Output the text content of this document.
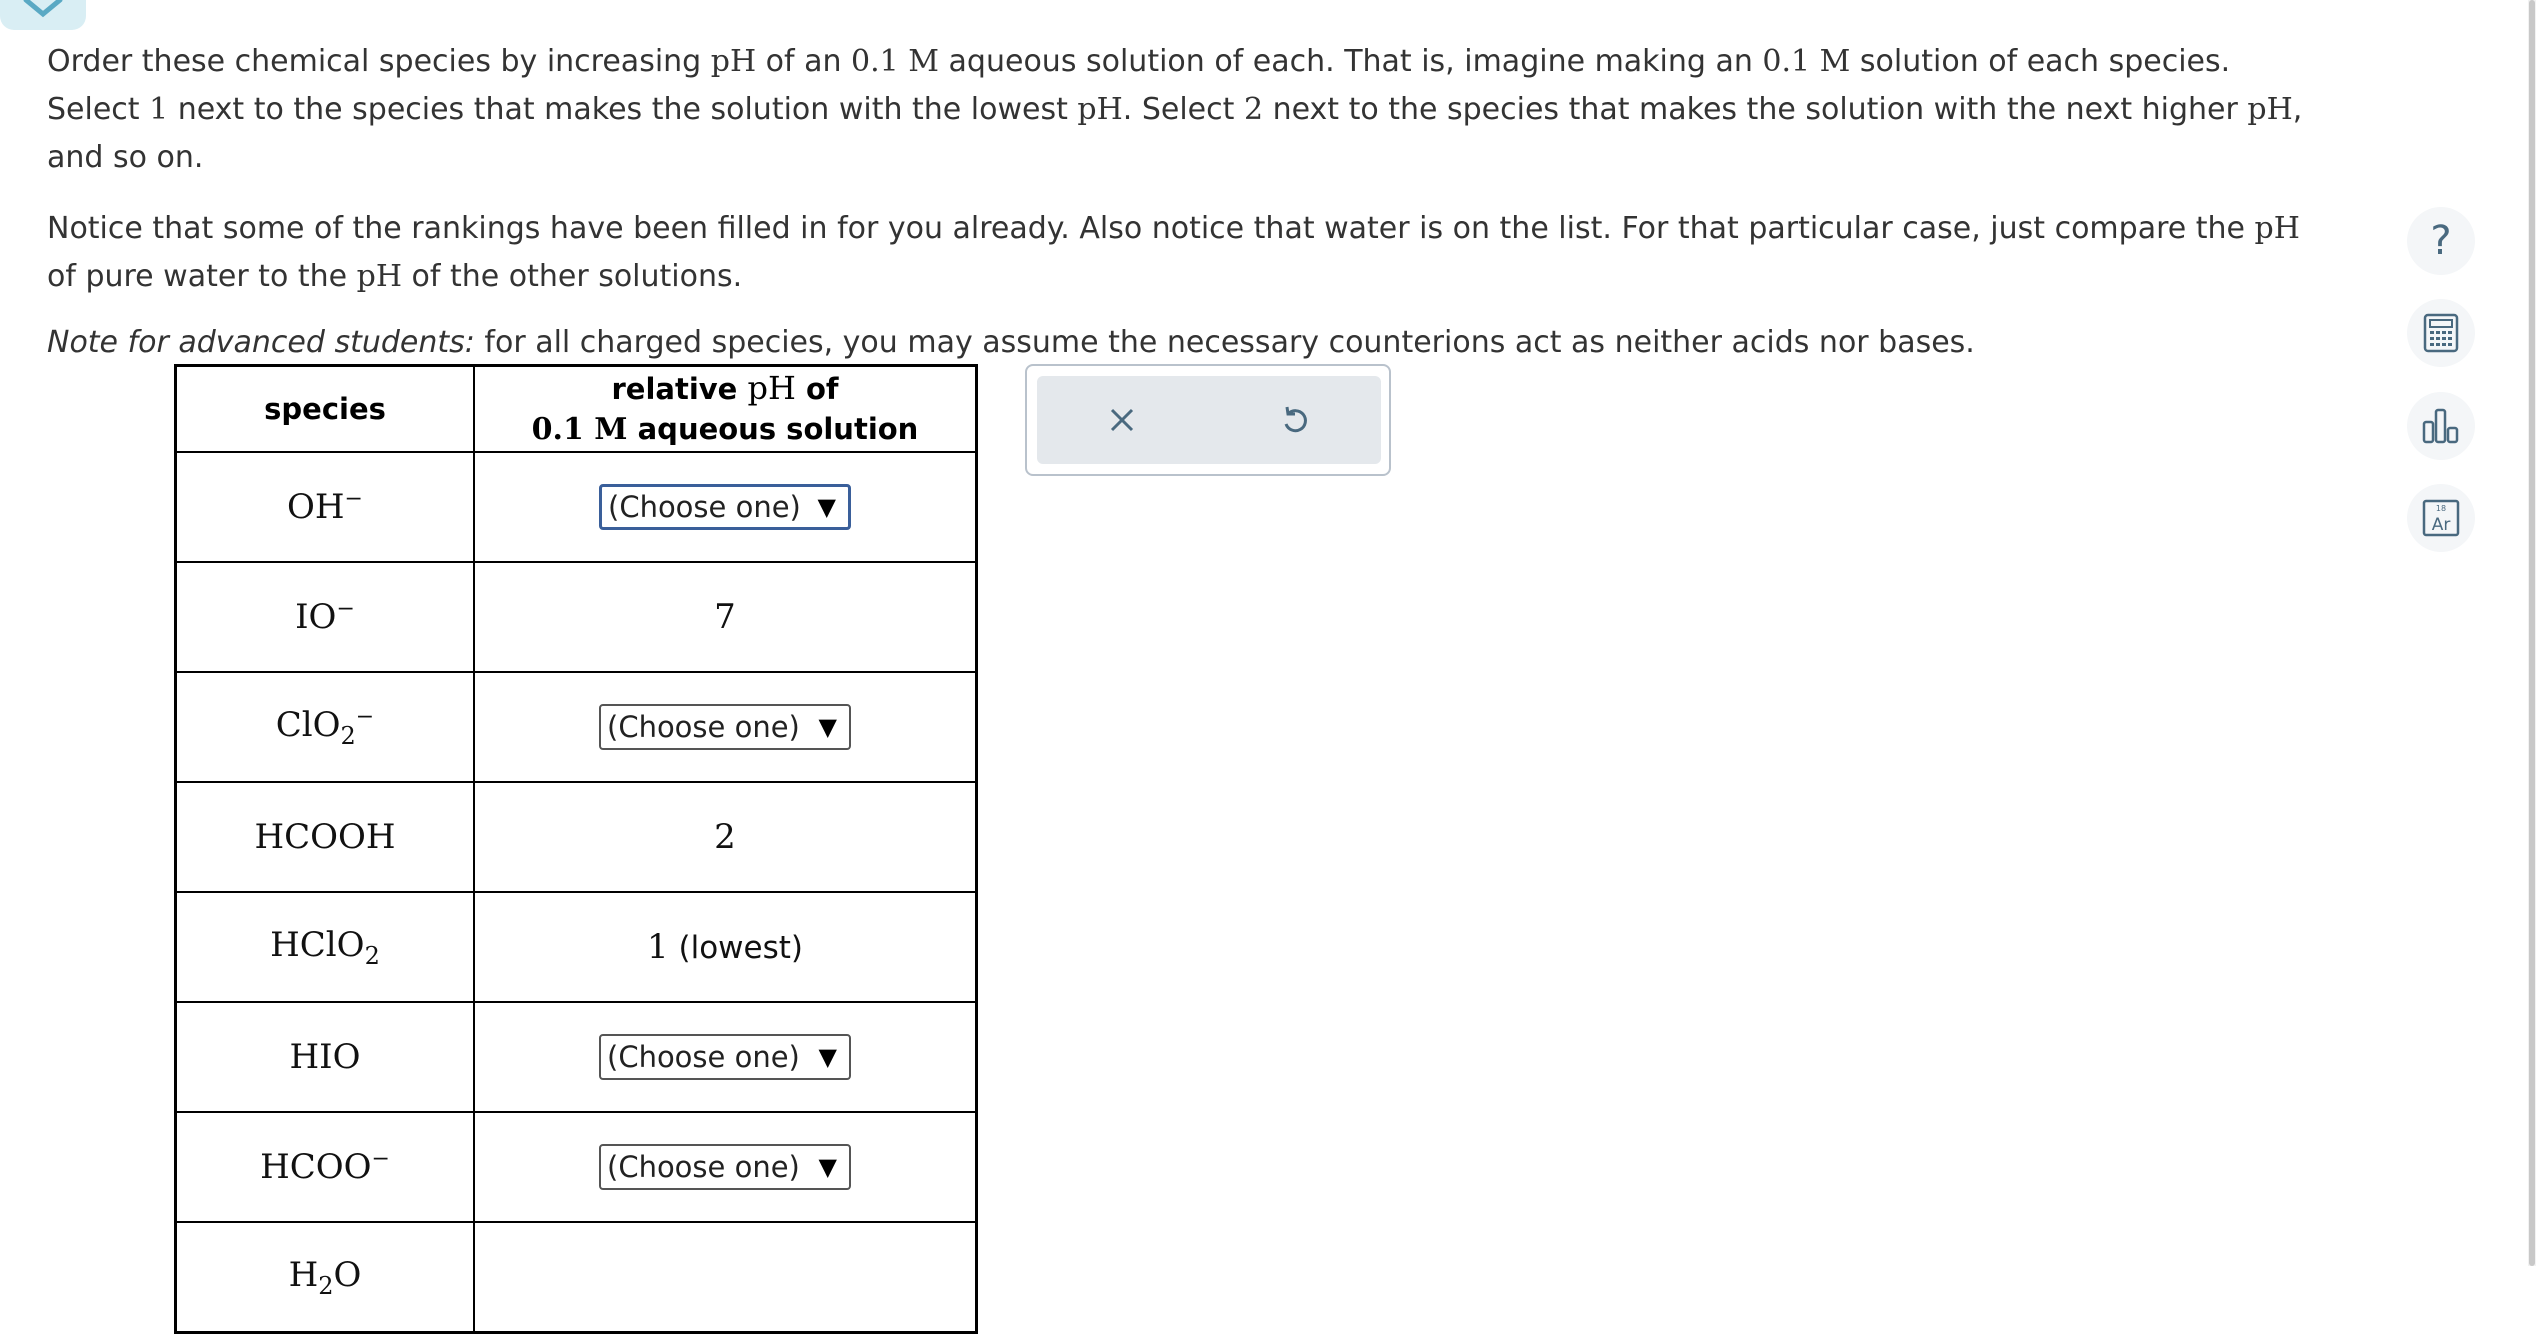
Order these chemical species by increasing pH of an 0.1 M aqueous solution of each. That is, imagine making an 0.1 M solution of each species. Select 1 next to the species that makes the solution with the lowest pH. Select 2 next to the species that makes the solution with the next higher pH, and so on.

Notice that some of the rankings have been filled in for you already. Also notice that water is on the list. For that particular case, just compare the pH of pure water to the pH of the other solutions.

Note for advanced students: for all charged species, you may assume the necessary counterions act as neither acids nor bases.

species	relative pH of
0.1 M aqueous solution
OH−	(Choose one) ▼

IO−	7
ClO$_2$−	(Choose one) ▼

HCOOH	2
HClO$_2$	1 (lowest)
HIO	(Choose one) ▼

HCOO−	(Choose one) ▼

$H_2O$	
?
18
Ar
